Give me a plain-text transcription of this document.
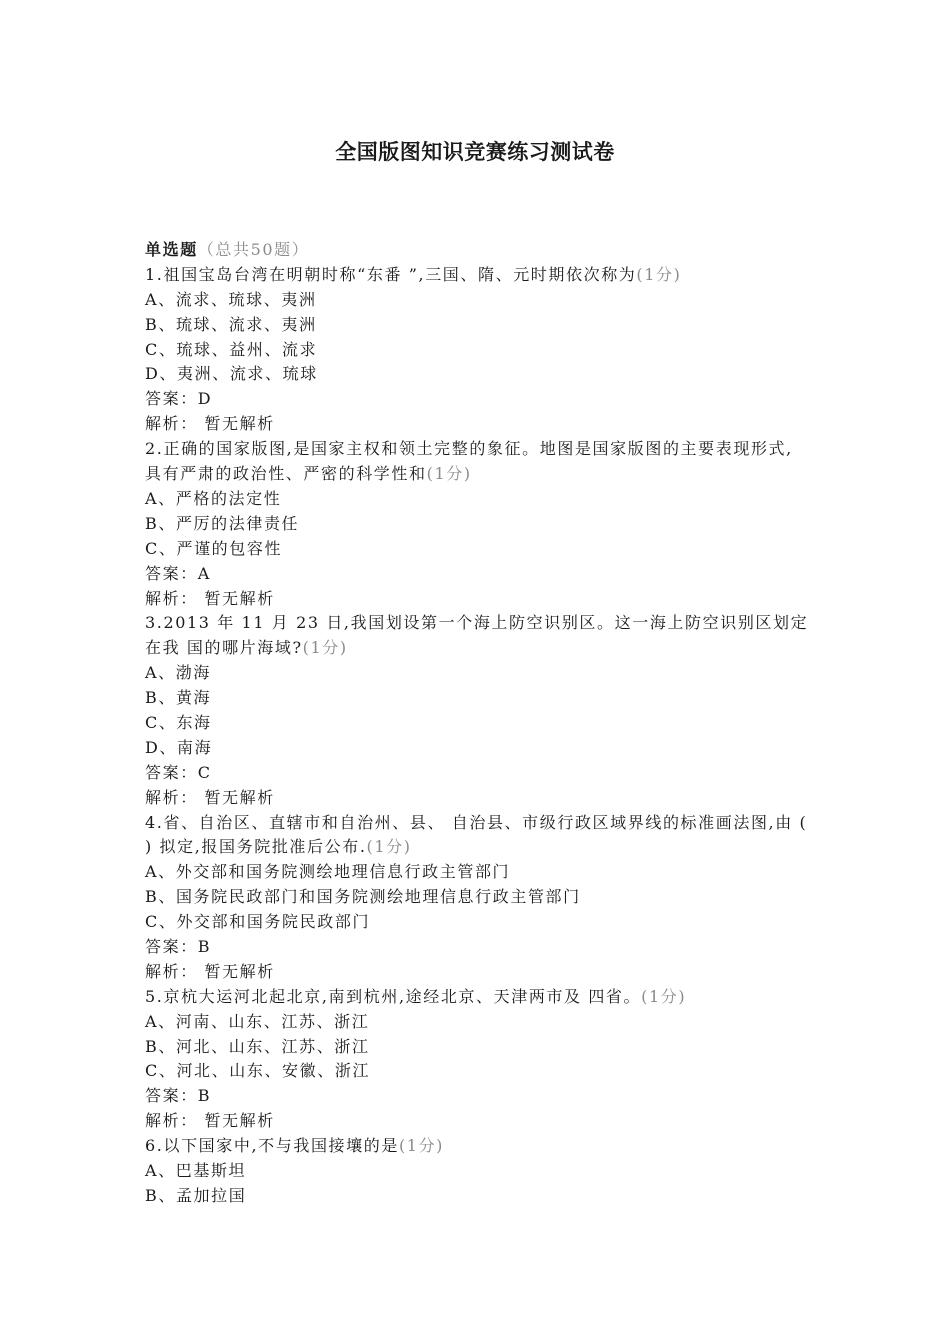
全国版图知识竞赛练习测试卷
单选题（总共50题）
1.祖国宝岛台湾在明朝时称“东番 ”,三国、隋、元时期依次称为(1分)
A、流求、琉球、夷洲
B、琉球、流求、夷洲
C、琉球、益州、流求
D、夷洲、流求、琉球
答案：D
解析： 暂无解析
2.正确的国家版图,是国家主权和领土完整的象征。地图是国家版图的主要表现形式, 具有严肃的政治性、严密的科学性和(1分)
A、严格的法定性
B、严厉的法律责任
C、严谨的包容性
答案：A
解析： 暂无解析
3.2013 年 11 月 23 日,我国划设第一个海上防空识别区。这一海上防空识别区划定在我 国的哪片海域?(1分)
A、渤海
B、黄海
C、东海
D、南海
答案：C
解析： 暂无解析
4.省、自治区、直辖市和自治州、县、 自治县、市级行政区域界线的标准画法图,由 ( ) 拟定,报国务院批准后公布.(1分)
A、外交部和国务院测绘地理信息行政主管部门
B、国务院民政部门和国务院测绘地理信息行政主管部门
C、外交部和国务院民政部门
答案：B
解析： 暂无解析
5.京杭大运河北起北京,南到杭州,途经北京、天津两市及 四省。(1分)
A、河南、山东、江苏、浙江
B、河北、山东、江苏、浙江
C、河北、山东、安徽、浙江
答案：B
解析： 暂无解析
6.以下国家中,不与我国接壤的是(1分)
A、巴基斯坦
B、孟加拉国
